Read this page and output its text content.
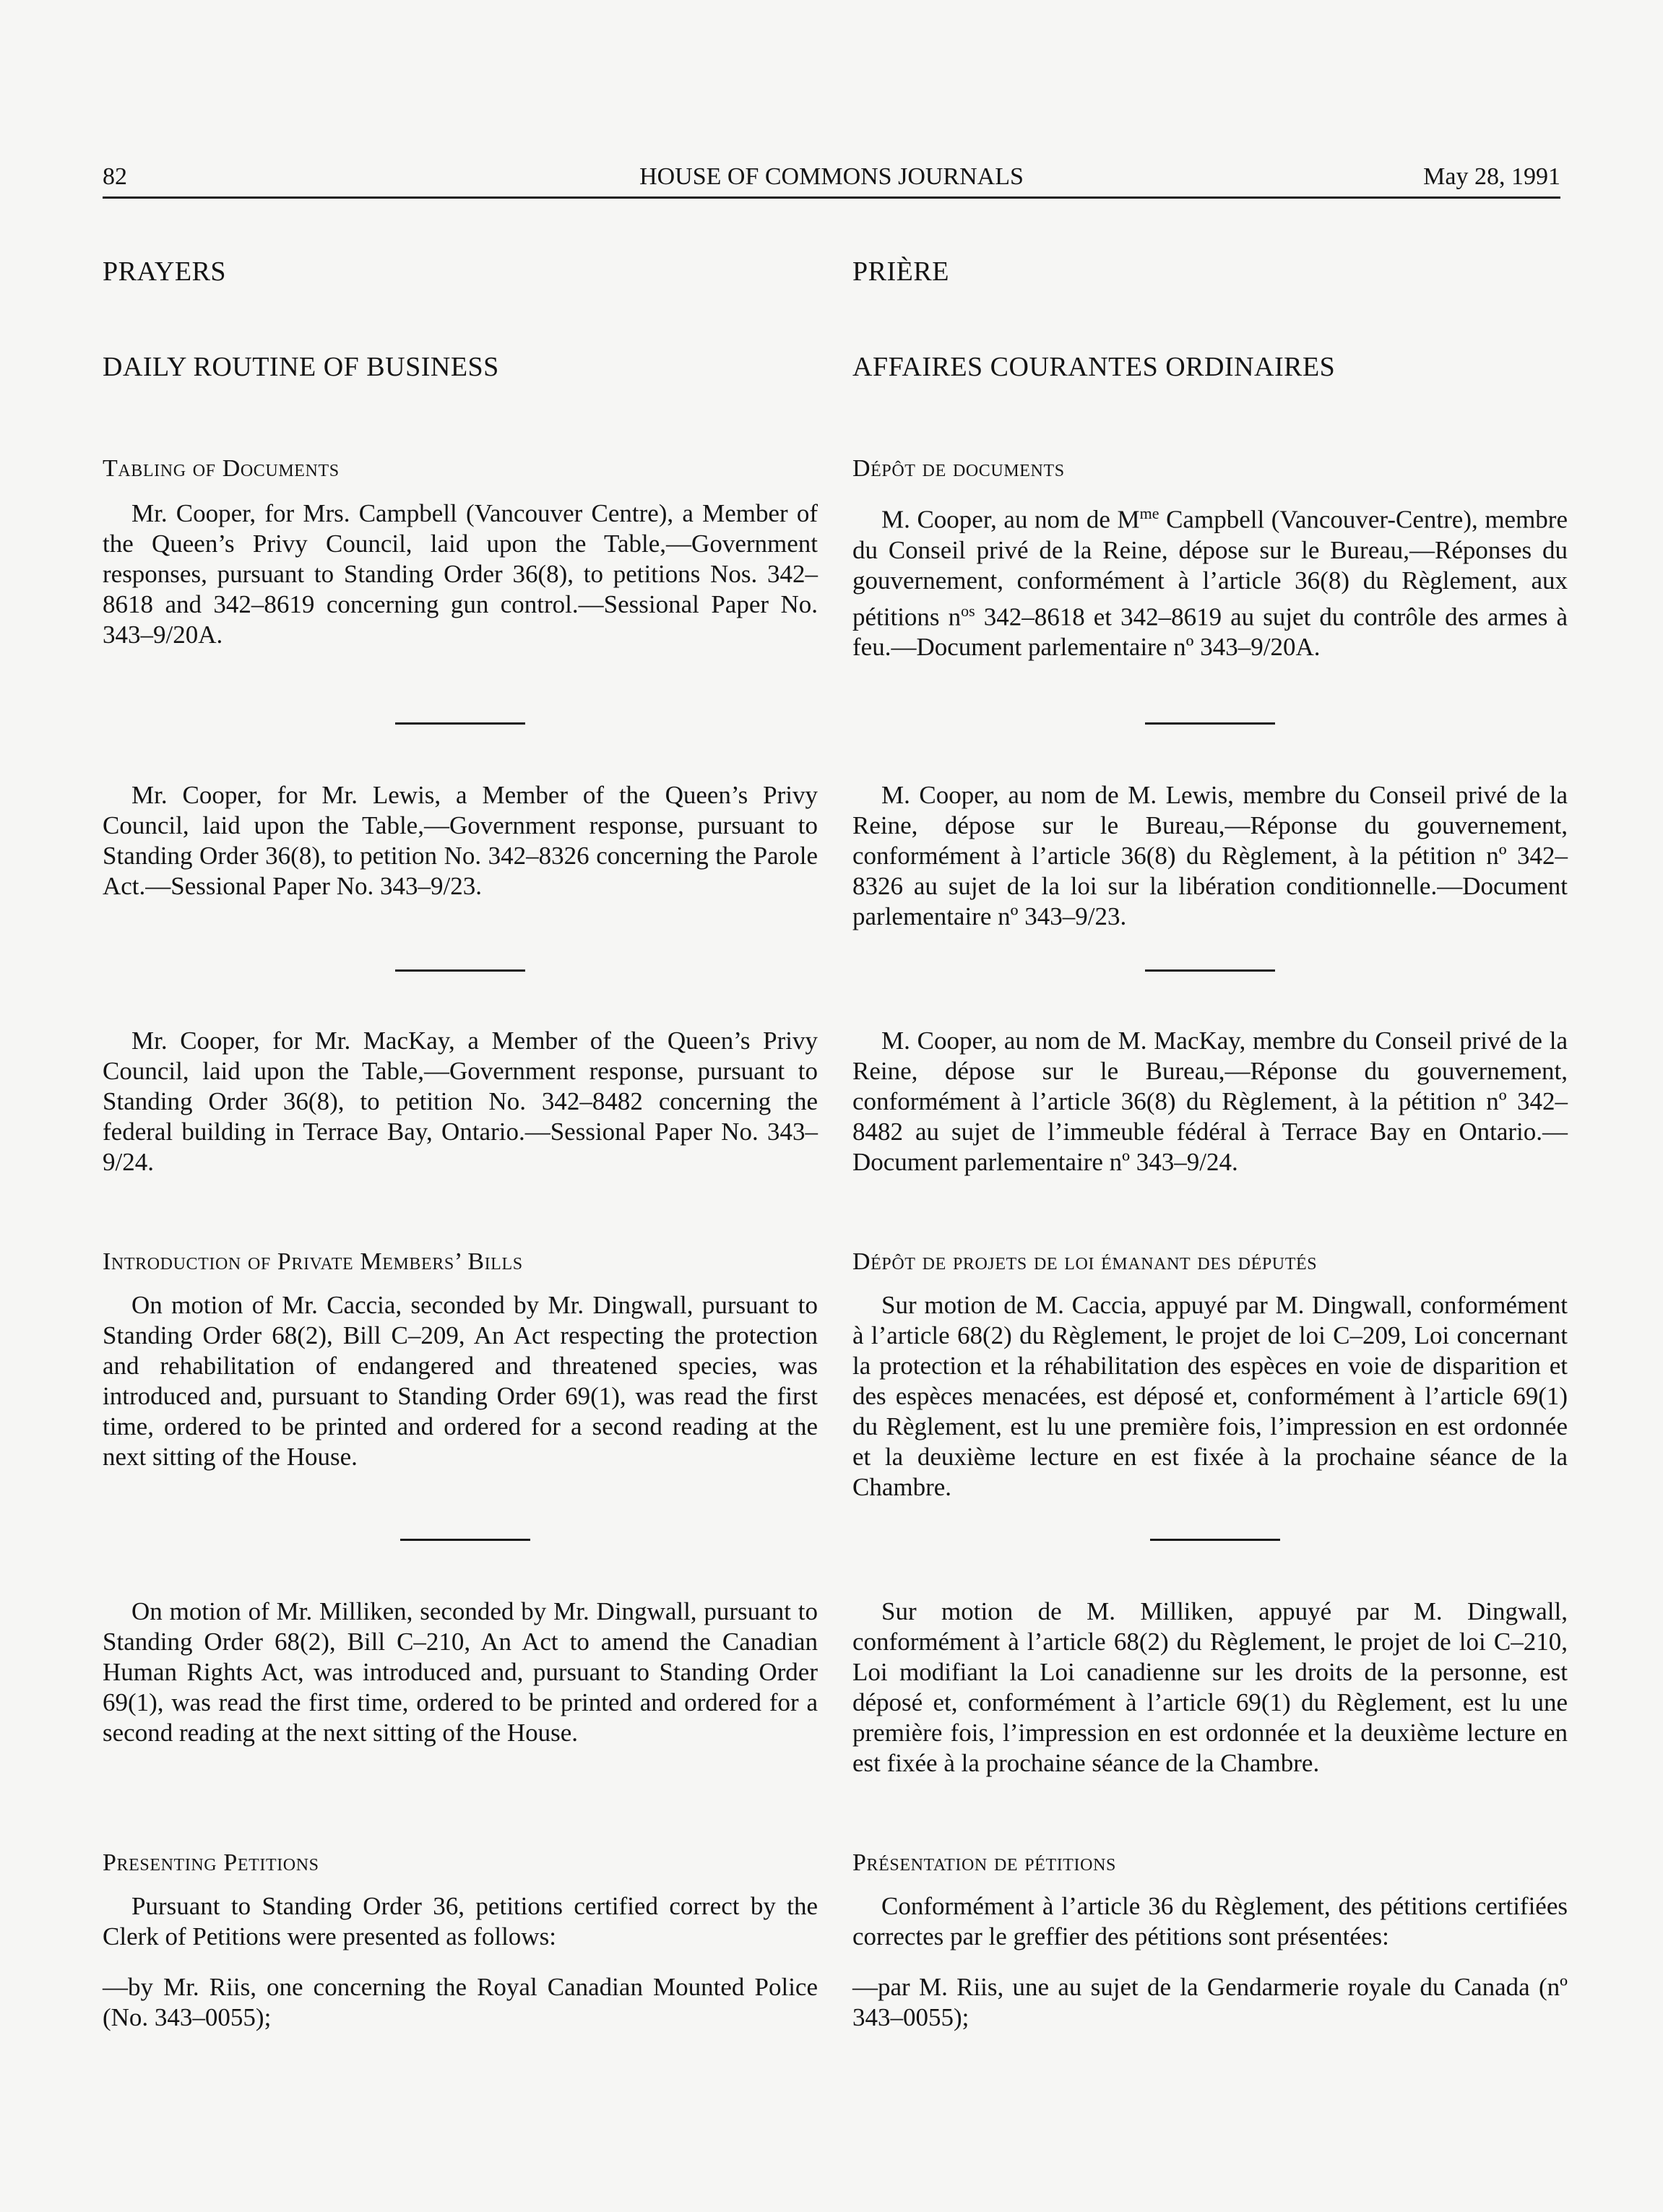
82	HOUSE OF COMMONS JOURNALS	May 28, 1991
PRAYERS
DAILY ROUTINE OF BUSINESS
Tabling of Documents
Mr. Cooper, for Mrs. Campbell (Vancouver Centre), a Member of the Queen’s Privy Council, laid upon the Table,—Government responses, pursuant to Standing Order 36(8), to petitions Nos. 342–8618 and 342–8619 concerning gun control.—Sessional Paper No. 343–9/20A.
Mr. Cooper, for Mr. Lewis, a Member of the Queen’s Privy Council, laid upon the Table,—Government response, pursuant to Standing Order 36(8), to petition No. 342–8326 concerning the Parole Act.—Sessional Paper No. 343–9/23.
Mr. Cooper, for Mr. MacKay, a Member of the Queen’s Privy Council, laid upon the Table,—Government response, pursuant to Standing Order 36(8), to petition No. 342–8482 concerning the federal building in Terrace Bay, Ontario.—Sessional Paper No. 343–9/24.
Introduction of Private Members’ Bills
On motion of Mr. Caccia, seconded by Mr. Dingwall, pursuant to Standing Order 68(2), Bill C–209, An Act respecting the protection and rehabilitation of endangered and threatened species, was introduced and, pursuant to Standing Order 69(1), was read the first time, ordered to be printed and ordered for a second reading at the next sitting of the House.
On motion of Mr. Milliken, seconded by Mr. Dingwall, pursuant to Standing Order 68(2), Bill C–210, An Act to amend the Canadian Human Rights Act, was introduced and, pursuant to Standing Order 69(1), was read the first time, ordered to be printed and ordered for a second reading at the next sitting of the House.
Presenting Petitions
Pursuant to Standing Order 36, petitions certified correct by the Clerk of Petitions were presented as follows:
—by Mr. Riis, one concerning the Royal Canadian Mounted Police (No. 343–0055);
PRIÈRE
AFFAIRES COURANTES ORDINAIRES
Dépôt de documents
M. Cooper, au nom de $M^{me}$ Campbell (Vancouver-Centre), membre du Conseil privé de la Reine, dépose sur le Bureau,—Réponses du gouvernement, conformément à l’article 36(8) du Règlement, aux pétitions $n^{os}$ 342–8618 et 342–8619 au sujet du contrôle des armes à feu.—Document parlementaire nº 343–9/20A.
M. Cooper, au nom de M. Lewis, membre du Conseil privé de la Reine, dépose sur le Bureau,—Réponse du gouvernement, conformément à l’article 36(8) du Règlement, à la pétition nº 342–8326 au sujet de la loi sur la libération conditionnelle.—Document parlementaire nº 343–9/23.
M. Cooper, au nom de M. MacKay, membre du Conseil privé de la Reine, dépose sur le Bureau,—Réponse du gouvernement, conformément à l’article 36(8) du Règlement, à la pétition nº 342–8482 au sujet de l’immeuble fédéral à Terrace Bay en Ontario.—Document parlementaire nº 343–9/24.
Dépôt de projets de loi émanant des députés
Sur motion de M. Caccia, appuyé par M. Dingwall, conformément à l’article 68(2) du Règlement, le projet de loi C–209, Loi concernant la protection et la réhabilitation des espèces en voie de disparition et des espèces menacées, est déposé et, conformément à l’article 69(1) du Règlement, est lu une première fois, l’impression en est ordonnée et la deuxième lecture en est fixée à la prochaine séance de la Chambre.
Sur motion de M. Milliken, appuyé par M. Dingwall, conformément à l’article 68(2) du Règlement, le projet de loi C–210, Loi modifiant la Loi canadienne sur les droits de la personne, est déposé et, conformément à l’article 69(1) du Règlement, est lu une première fois, l’impression en est ordonnée et la deuxième lecture en est fixée à la prochaine séance de la Chambre.
Présentation de pétitions
Conformément à l’article 36 du Règlement, des pétitions certifiées correctes par le greffier des pétitions sont présentées:
—par M. Riis, une au sujet de la Gendarmerie royale du Canada (nº 343–0055);
